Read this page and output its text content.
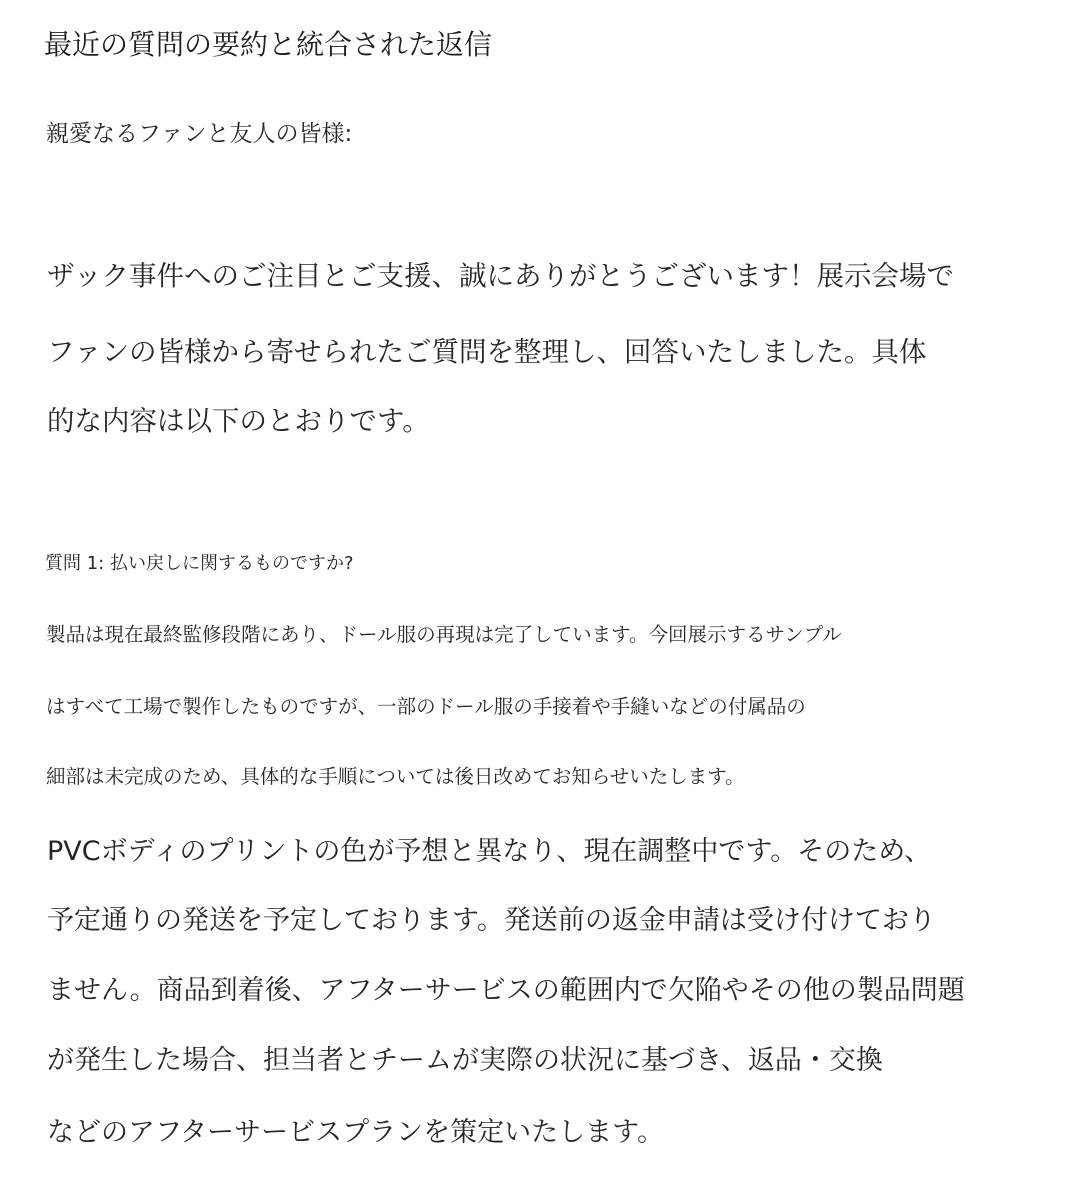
最近の質問の要約と統合された返信

親愛なるファンと友人の皆様:

ザック事件へのご注目とご支援、誠にありがとうございます！展示会場で

ファンの皆様から寄せられたご質問を整理し、回答いたしました。具体

的な内容は以下のとおりです。

質問 1: 払い戻しに関するものですか?

製品は現在最終監修段階にあり、ドール服の再現は完了しています。今回展示するサンプル

はすべて工場で製作したものですが、一部のドール服の手接着や手縫いなどの付属品の

細部は未完成のため、具体的な手順については後日改めてお知らせいたします。

PVCボディのプリントの色が予想と異なり、現在調整中です。そのため、

予定通りの発送を予定しております。発送前の返金申請は受け付けており

ません。商品到着後、アフターサービスの範囲内で欠陥やその他の製品問題

が発生した場合、担当者とチームが実際の状況に基づき、返品・交換

などのアフターサービスプランを策定いたします。
